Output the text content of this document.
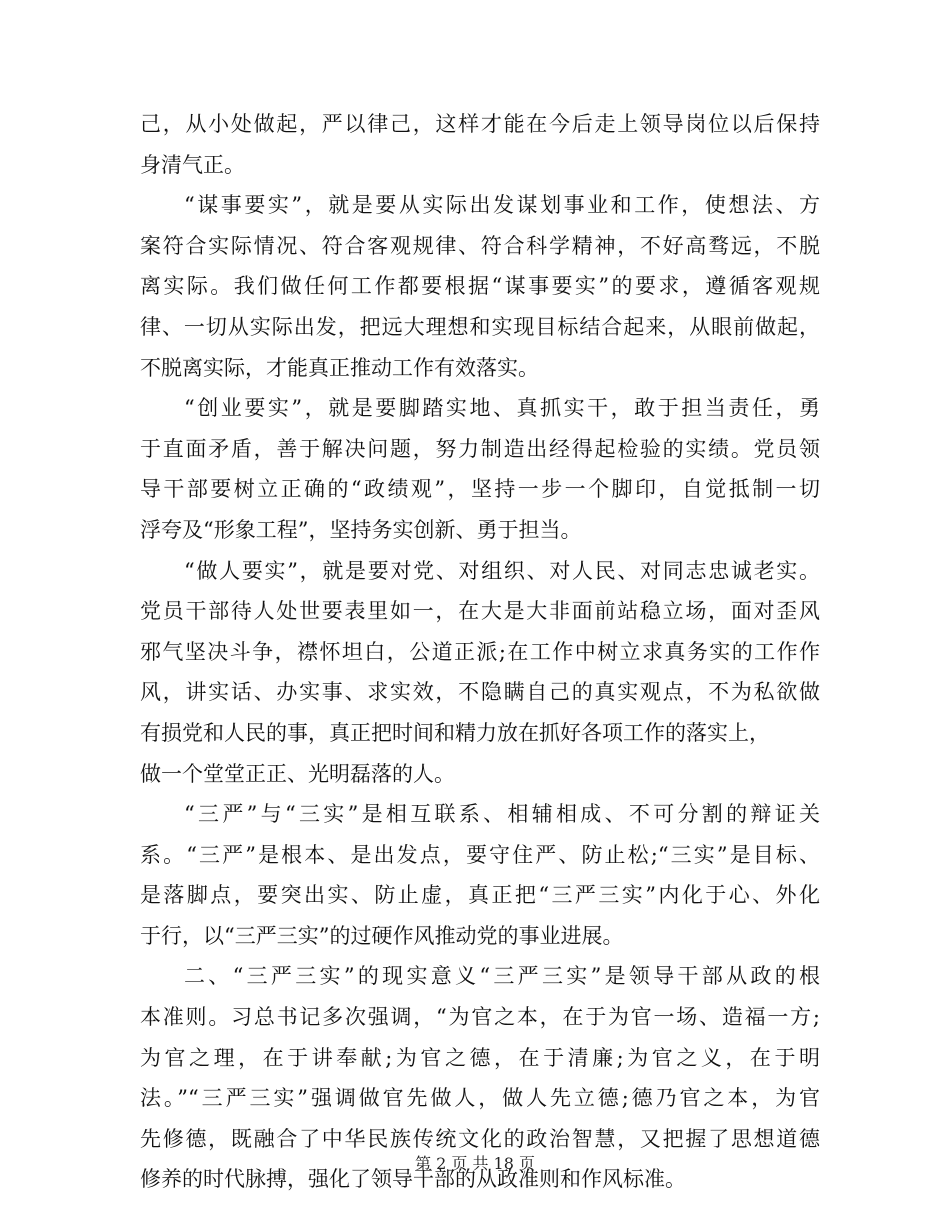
己，从小处做起，严以律己，这样才能在今后走上领导岗位以后保持
身清气正。
“谋事要实”，就是要从实际出发谋划事业和工作，使想法、方
案符合实际情况、符合客观规律、符合科学精神，不好高骛远，不脱
离实际。我们做任何工作都要根据“谋事要实”的要求，遵循客观规
律、一切从实际出发，把远大理想和实现目标结合起来，从眼前做起，
不脱离实际，才能真正推动工作有效落实。
“创业要实”，就是要脚踏实地、真抓实干，敢于担当责任，勇
于直面矛盾，善于解决问题，努力制造出经得起检验的实绩。党员领
导干部要树立正确的“政绩观”，坚持一步一个脚印，自觉抵制一切
浮夸及“形象工程”，坚持务实创新、勇于担当。
“做人要实”，就是要对党、对组织、对人民、对同志忠诚老实。
党员干部待人处世要表里如一，在大是大非面前站稳立场，面对歪风
邪气坚决斗争，襟怀坦白，公道正派;在工作中树立求真务实的工作作
风，讲实话、办实事、求实效，不隐瞒自己的真实观点，不为私欲做
有损党和人民的事，真正把时间和精力放在抓好各项工作的落实上，
做一个堂堂正正、光明磊落的人。
“三严”与“三实”是相互联系、相辅相成、不可分割的辩证关
系。“三严”是根本、是出发点，要守住严、防止松;“三实”是目标、
是落脚点，要突出实、防止虚，真正把“三严三实”内化于心、外化
于行，以“三严三实”的过硬作风推动党的事业进展。
二、“三严三实”的现实意义“三严三实”是领导干部从政的根
本准则。习总书记多次强调，“为官之本，在于为官一场、造福一方;
为官之理，在于讲奉献;为官之德，在于清廉;为官之义，在于明
法。”“三严三实”强调做官先做人，做人先立德;德乃官之本，为官
先修德，既融合了中华民族传统文化的政治智慧，又把握了思想道德
修养的时代脉搏，强化了领导干部的从政准则和作风标准。
第 2 页 共 18 页
